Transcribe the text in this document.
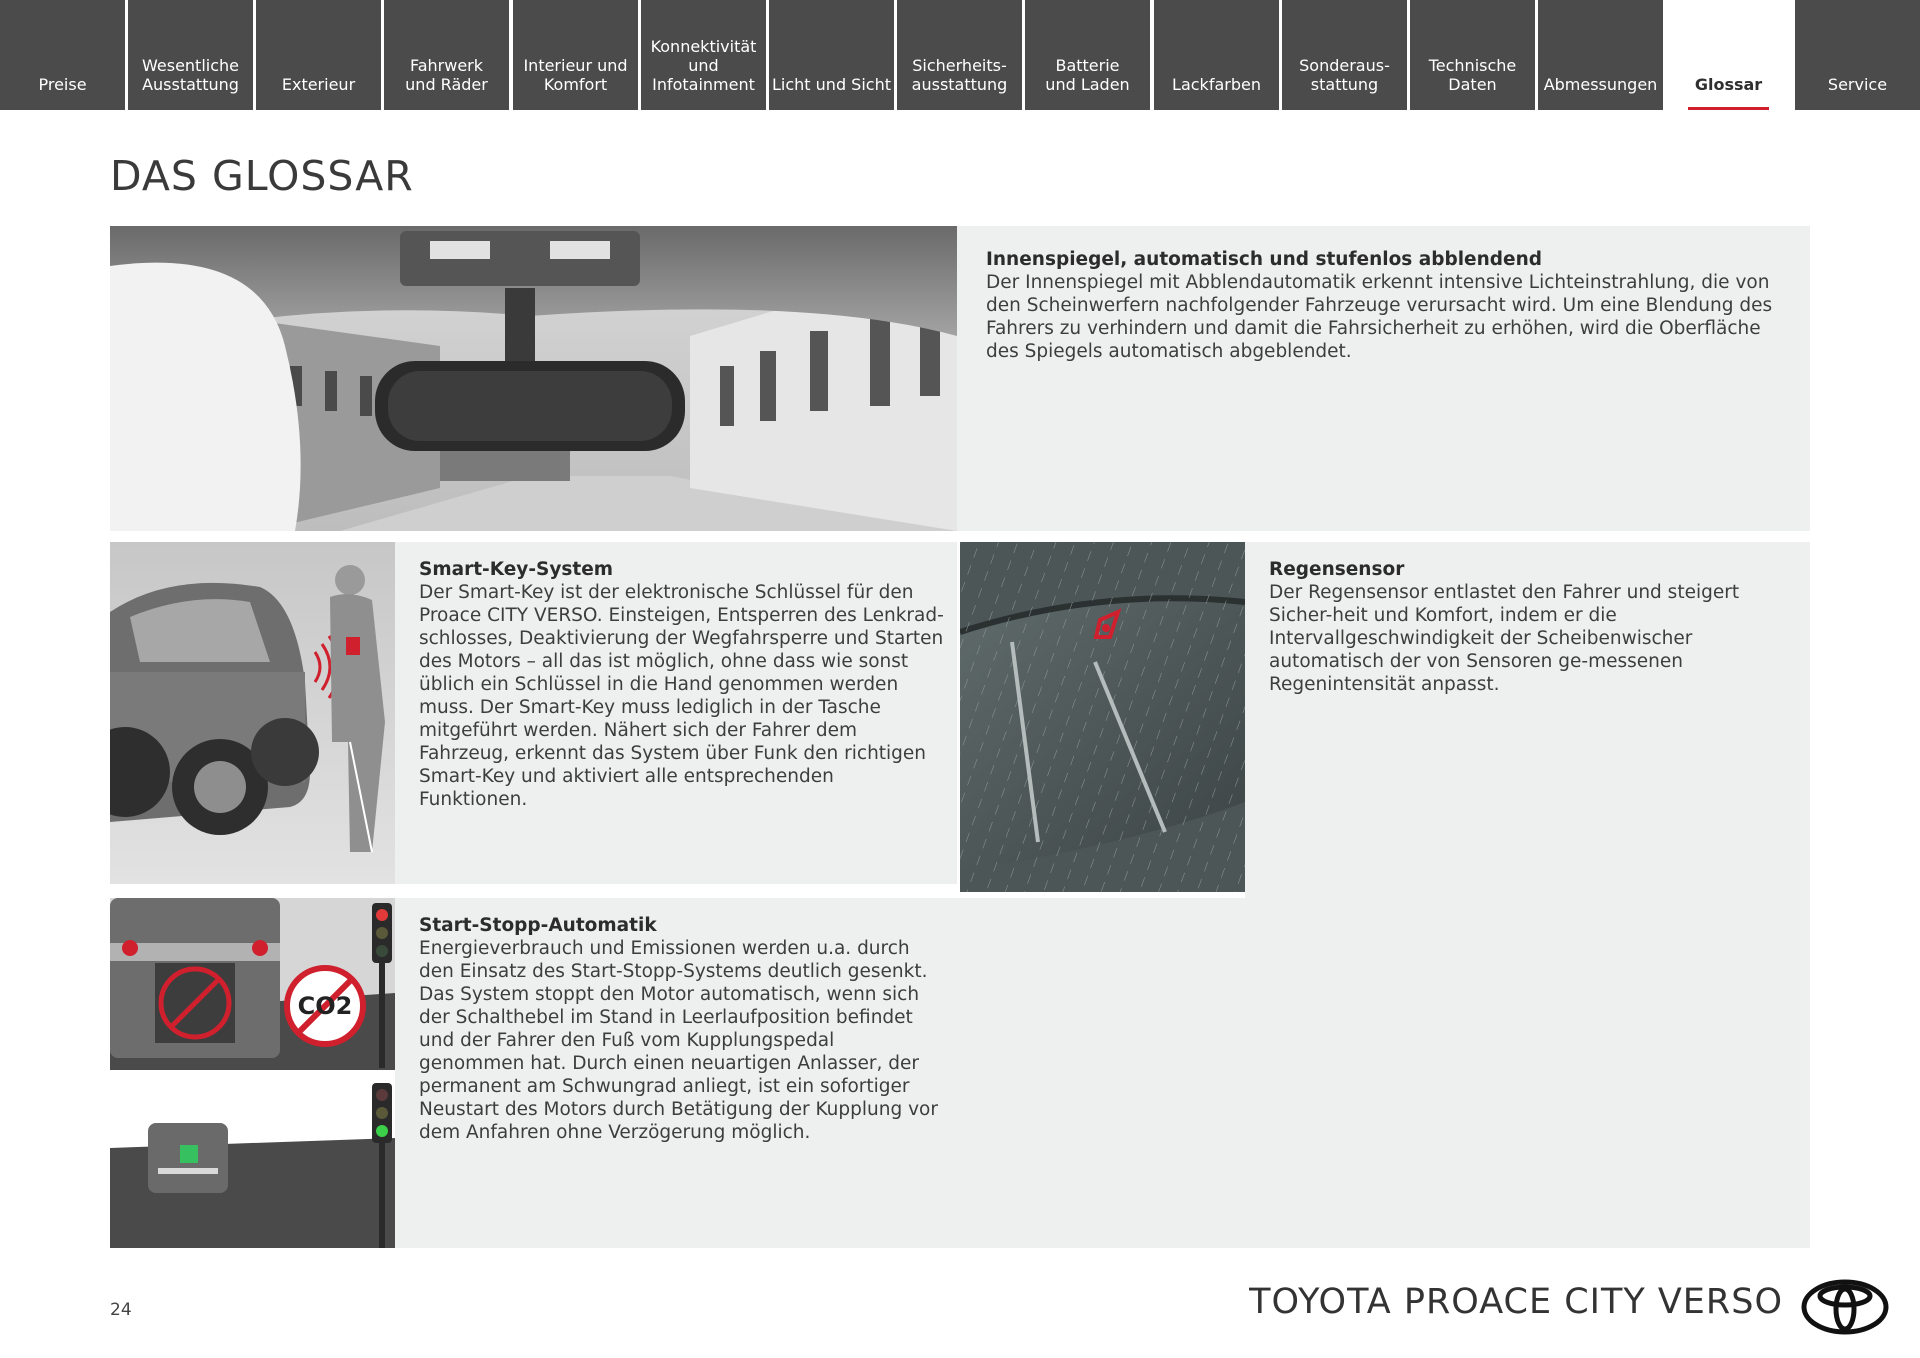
Preise
Wesentliche
Ausstattung	Exterieur
Fahrwerk
und Räder
Interieur und
Komfort
Konnektivität
und
Infotainment	Licht und Sicht
Sicherheits-
ausstattung
Batterie
und Laden	Lackfarben
Sonderaus-
stattung
Technische
Daten	Abmessungen	Glossar	Service
DAS GLOSSAR
Innenspiegel, automatisch und stufenlos abblendend

Der Innenspiegel mit Abblendautomatik erkennt intensive Lichteinstrahlung, die von den Scheinwerfern nachfolgender Fahrzeuge verursacht wird. Um eine Blendung des Fahrers zu verhindern und damit die Fahrsicherheit zu erhöhen, wird die Oberfläche des Spiegels automatisch abgeblendet.

Smart-Key-System

Der Smart-Key ist der elektronische Schlüssel für den Proace CITY VERSO. Einsteigen, Entsperren des Lenkrad-schlosses, Deaktivierung der Wegfahrsperre und Starten des Motors – all das ist möglich, ohne dass wie sonst üblich ein Schlüssel in die Hand genommen werden muss. Der Smart-Key muss lediglich in der Tasche mitgeführt werden. Nähert sich der Fahrer dem Fahrzeug, erkennt das System über Funk den richtigen Smart-Key und aktiviert alle entsprechenden Funktionen.

CO2
Start-Stopp-Automatik

Energieverbrauch und Emissionen werden u.a. durch den Einsatz des Start-Stopp-Systems deutlich gesenkt. Das System stoppt den Motor automatisch, wenn sich der Schalthebel im Stand in Leerlaufposition befindet und der Fahrer den Fuß vom Kupplungspedal genommen hat. Durch einen neuartigen Anlasser, der permanent am Schwungrad anliegt, ist ein sofortiger Neustart des Motors durch Betätigung der Kupplung vor dem Anfahren ohne Verzögerung möglich.

Regensensor

Der Regensensor entlastet den Fahrer und steigert Sicher-heit und Komfort, indem er die Intervallgeschwindigkeit der Scheibenwischer automatisch der von Sensoren ge-messenen Regenintensität anpasst.

24	TOYOTA PROACE CITY VERSO
